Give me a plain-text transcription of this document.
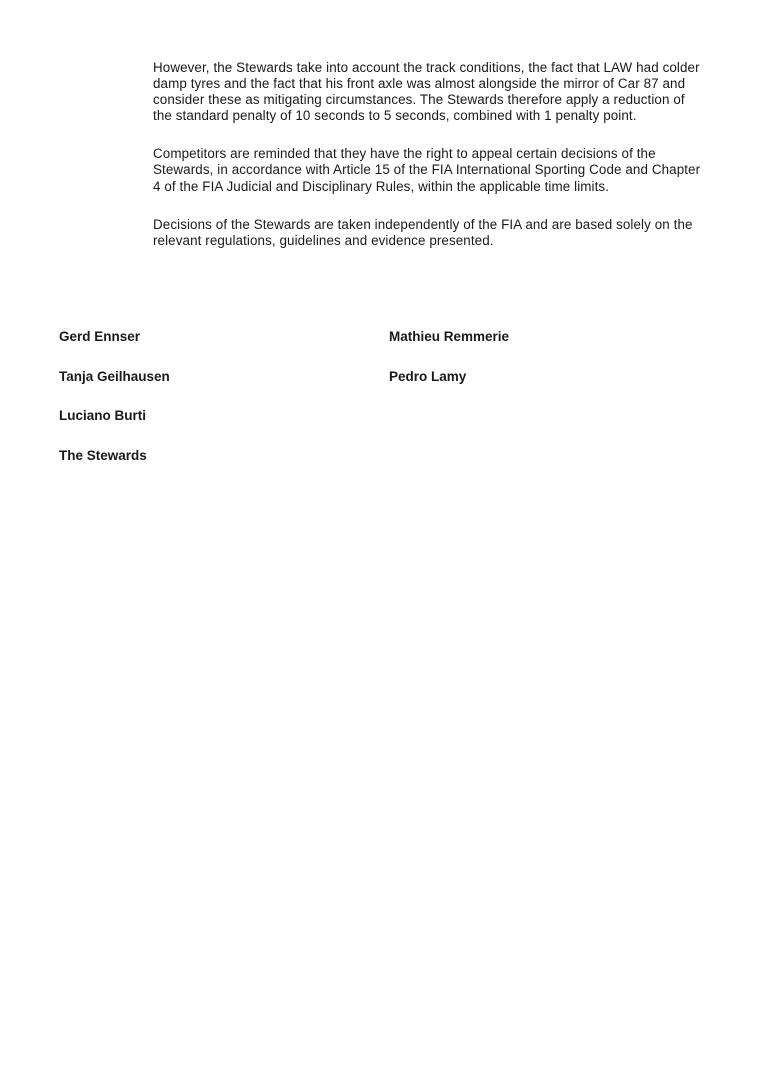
However, the Stewards take into account the track conditions, the fact that LAW had colder damp tyres and the fact that his front axle was almost alongside the mirror of Car 87 and consider these as mitigating circumstances. The Stewards therefore apply a reduction of the standard penalty of 10 seconds to 5 seconds, combined with 1 penalty point.

Competitors are reminded that they have the right to appeal certain decisions of the Stewards, in accordance with Article 15 of the FIA International Sporting Code and Chapter 4 of the FIA Judicial and Disciplinary Rules, within the applicable time limits.

Decisions of the Stewards are taken independently of the FIA and are based solely on the relevant regulations, guidelines and evidence presented.

Gerd Ennser	Mathieu Remmerie
Tanja Geilhausen	Pedro Lamy
Luciano Burti
The Stewards
